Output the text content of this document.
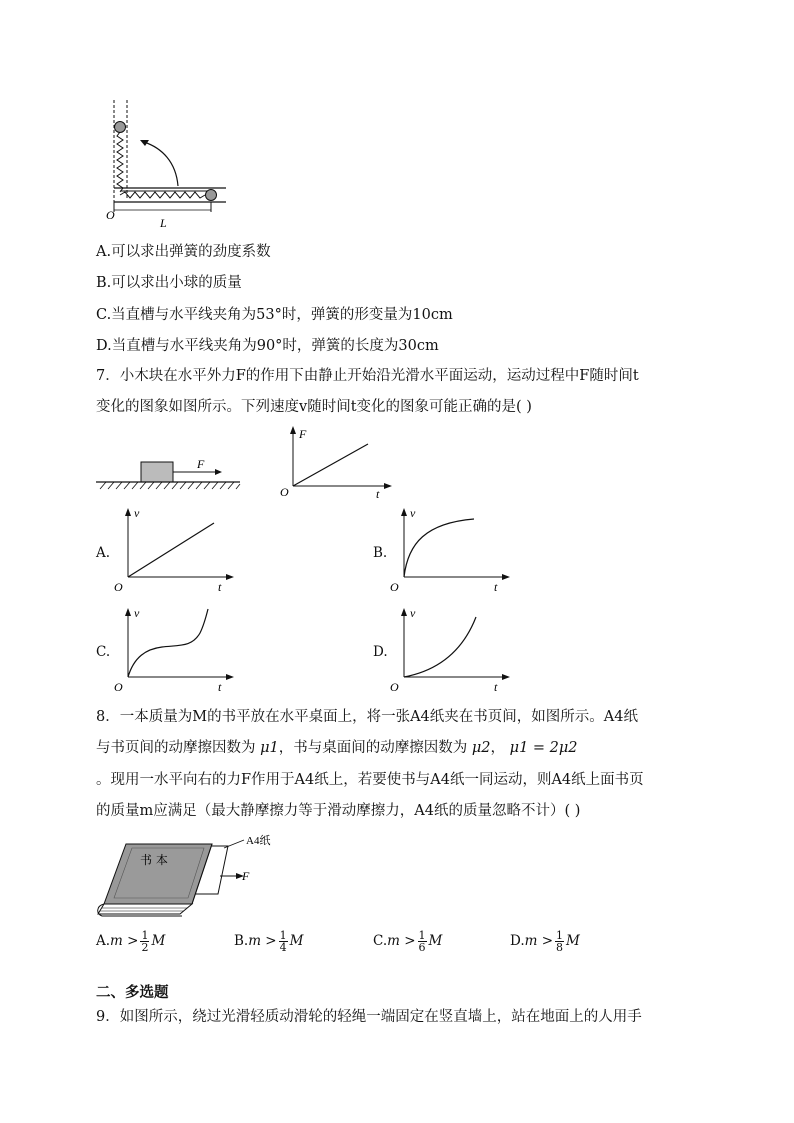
O
L
A.可以求出弹簧的劲度系数
B.可以求出小球的质量
C.当直槽与水平线夹角为53°时，弹簧的形变量为10cm
D.当直槽与水平线夹角为90°时，弹簧的长度为30cm
7．小木块在水平外力F的作用下由静止开始沿光滑水平面运动，运动过程中F随时间t
变化的图象如图所示。下列速度v随时间t变化的图象可能正确的是( )
F
F
t
O
A.
v
t
O
B.
v
t
O
C.
v
t
O
D.
v
t
O
8．一本质量为M的书平放在水平桌面上，将一张A4纸夹在书页间，如图所示。A4纸
与书页间的动摩擦因数为 μ1，书与桌面间的动摩擦因数为 μ2， μ1 = 2μ2
。现用一水平向右的力F作用于A4纸上，若要使书与A4纸一同运动，则A4纸上面书页
的质量m应满足（最大静摩擦力等于滑动摩擦力，A4纸的质量忽略不计）( )
书 本
A4纸
F
$A.m > \frac{1}{2}$ M	$B.m > \frac{1}{4}$ M	$C.m > \frac{1}{6}$ M	$D.m > \frac{1}{8}$ M
二、多选题
9．如图所示，绕过光滑轻质动滑轮的轻绳一端固定在竖直墙上，站在地面上的人用手
